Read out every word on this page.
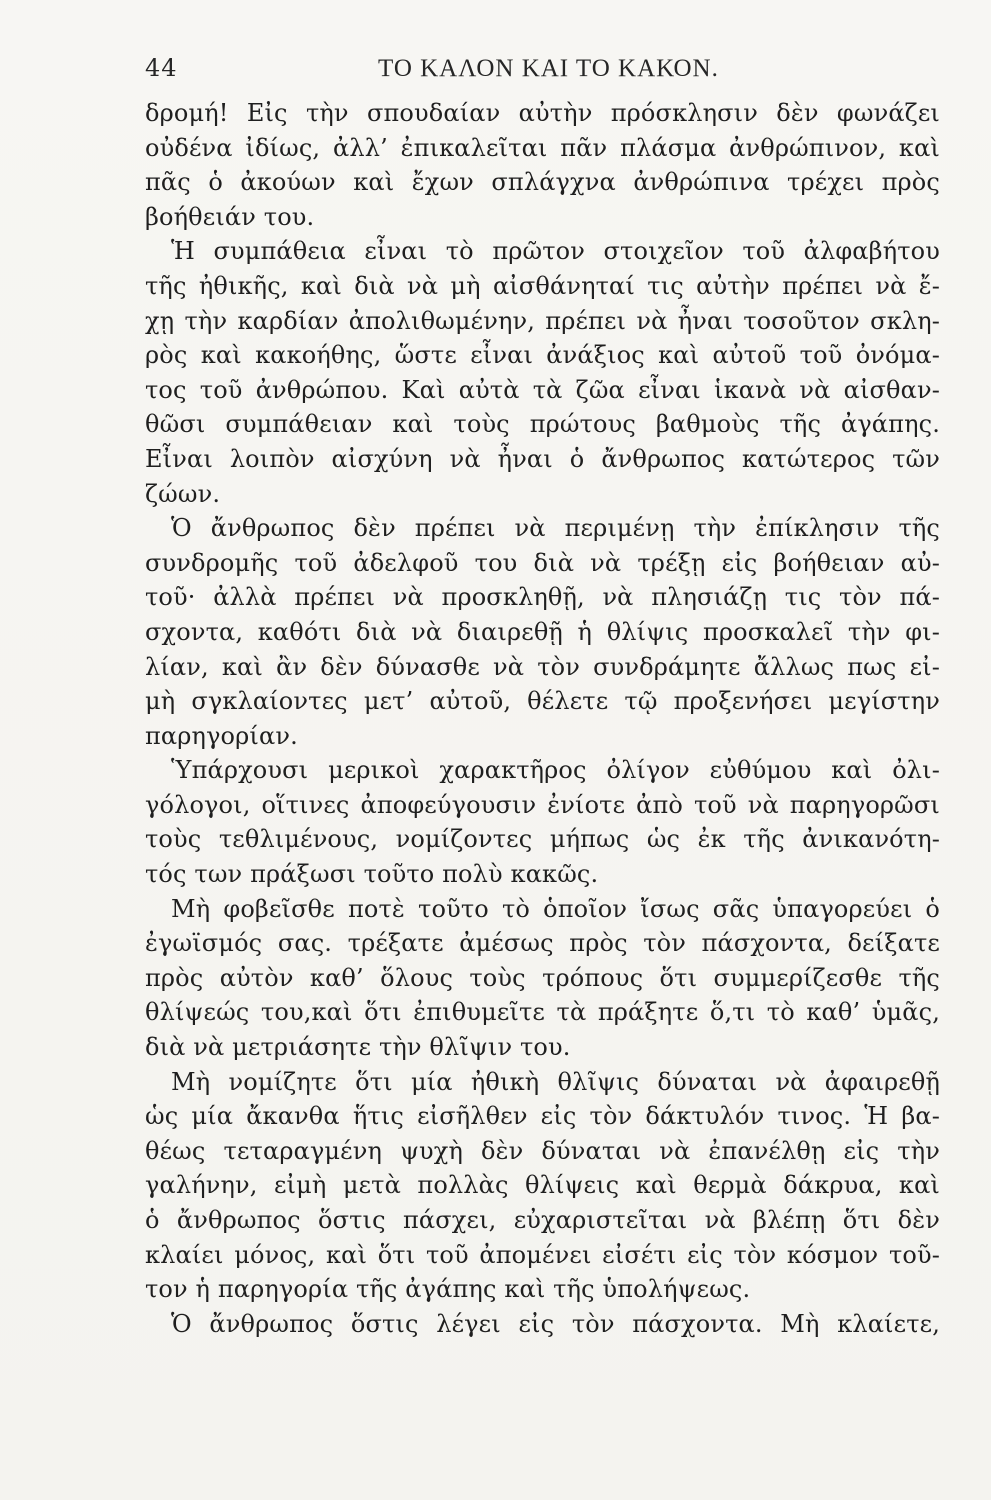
44	ΤΟ ΚΑΛΟΝ ΚΑΙ ΤΟ ΚΑΚΟΝ.
δρομή! Εἰς τὴν σπουδαίαν αὐτὴν πρόσκλησιν δὲν φωνάζει
οὐδένα ἰδίως, ἀλλ’ ἐπικαλεῖται πᾶν πλάσμα ἀνθρώπινον, καὶ
πᾶς ὁ ἀκούων καὶ ἔχων σπλάγχνα ἀνθρώπινα τρέχει πρὸς
βοήθειάν του.
Ἡ συμπάθεια εἶναι τὸ πρῶτον στοιχεῖον τοῦ ἀλφαβήτου
τῆς ἠθικῆς, καὶ διὰ νὰ μὴ αἰσθάνηταί τις αὐτὴν πρέπει νὰ ἔ-
χῃ τὴν καρδίαν ἀπολιθωμένην, πρέπει νὰ ἦναι τοσοῦτον σκλη-
ρὸς καὶ κακοήθης, ὥστε εἶναι ἀνάξιος καὶ αὐτοῦ τοῦ ὀνόμα-
τος τοῦ ἀνθρώπου. Καὶ αὐτὰ τὰ ζῶα εἶναι ἱκανὰ νὰ αἰσθαν-
θῶσι συμπάθειαν καὶ τοὺς πρώτους βαθμοὺς τῆς ἀγάπης.
Εἶναι λοιπὸν αἰσχύνη νὰ ἦναι ὁ ἄνθρωπος κατώτερος τῶν
ζώων.
Ὁ ἄνθρωπος δὲν πρέπει νὰ περιμένῃ τὴν ἐπίκλησιν τῆς
συνδρομῆς τοῦ ἀδελφοῦ του διὰ νὰ τρέξῃ εἰς βοήθειαν αὐ-
τοῦ· ἀλλὰ πρέπει νὰ προσκληθῇ, νὰ πλησιάζῃ τις τὸν πά-
σχοντα, καθότι διὰ νὰ διαιρεθῇ ἡ θλίψις προσκαλεῖ τὴν φι-
λίαν, καὶ ἂν δὲν δύνασθε νὰ τὸν συνδράμητε ἄλλως πως εἰ-
μὴ σγκλαίοντες μετ’ αὐτοῦ, θέλετε τῷ προξενήσει μεγίστην
παρηγορίαν.
Ὑπάρχουσι μερικοὶ χαρακτῆρος ὀλίγον εὐθύμου καὶ ὀλι-
γόλογοι, οἵτινες ἀποφεύγουσιν ἐνίοτε ἀπὸ τοῦ νὰ παρηγορῶσι
τοὺς τεθλιμένους, νομίζοντες μήπως ὡς ἐκ τῆς ἀνικανότη-
τός των πράξωσι τοῦτο πολὺ κακῶς.
Μὴ φοβεῖσθε ποτὲ τοῦτο τὸ ὁποῖον ἴσως σᾶς ὑπαγορεύει ὁ
ἐγωϊσμός σας. τρέξατε ἀμέσως πρὸς τὸν πάσχοντα, δείξατε
πρὸς αὐτὸν καθ’ ὅλους τοὺς τρόπους ὅτι συμμερίζεσθε τῆς
θλίψεώς του,καὶ ὅτι ἐπιθυμεῖτε τὰ πράξητε ὅ,τι τὸ καθ’ ὑμᾶς,
διὰ νὰ μετριάσητε τὴν θλῖψιν του.
Μὴ νομίζητε ὅτι μία ἠθικὴ θλῖψις δύναται νὰ ἀφαιρεθῇ
ὡς μία ἄκανθα ἥτις εἰσῆλθεν εἰς τὸν δάκτυλόν τινος. Ἡ βα-
θέως τεταραγμένη ψυχὴ δὲν δύναται νὰ ἐπανέλθῃ εἰς τὴν
γαλήνην, εἰμὴ μετὰ πολλὰς θλίψεις καὶ θερμὰ δάκρυα, καὶ
ὁ ἄνθρωπος ὅστις πάσχει, εὐχαριστεῖται νὰ βλέπῃ ὅτι δὲν
κλαίει μόνος, καὶ ὅτι τοῦ ἀπομένει εἰσέτι εἰς τὸν κόσμον τοῦ-
τον ἡ παρηγορία τῆς ἀγάπης καὶ τῆς ὑπολήψεως.
Ὁ ἄνθρωπος ὅστις λέγει εἰς τὸν πάσχοντα. Μὴ κλαίετε,
